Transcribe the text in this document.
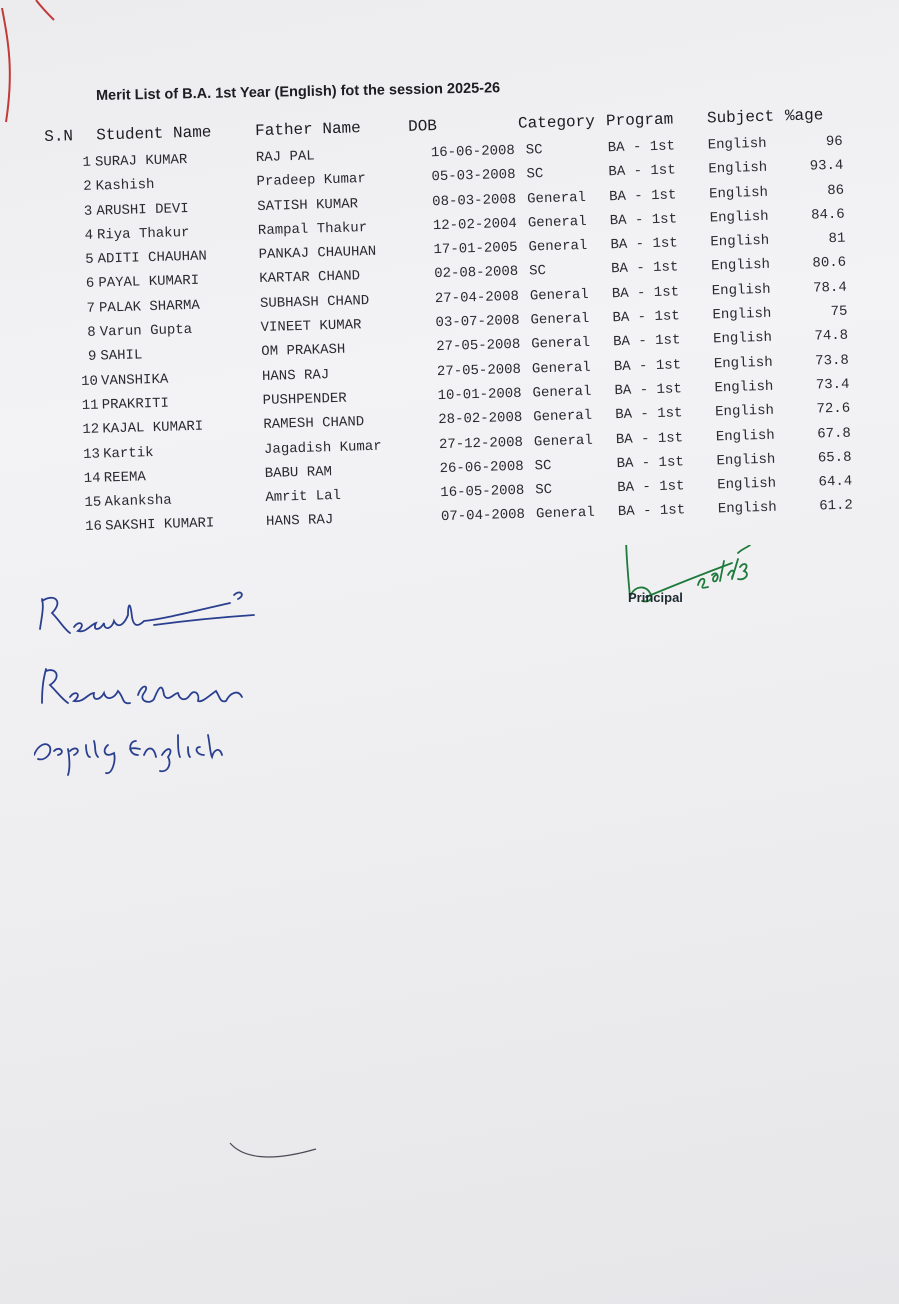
Merit List of B.A. 1st Year (English) fot the session 2025-26
S.N Student Name	Father Name	DOB	Category Program Subject %age
1 SURAJ KUMAR	RAJ PAL	16-06-2008 SC	BA - 1st English	96
2 Kashish	Pradeep Kumar	05-03-2008 SC	BA - 1st English	93.4
3 ARUSHI DEVI	SATISH KUMAR	08-03-2008 General BA - 1st English	86
4 Riya Thakur	Rampal Thakur	12-02-2004 General BA - 1st English	84.6
5 ADITI CHAUHAN	PANKAJ CHAUHAN	17-01-2005 General BA - 1st English	81
6 PAYAL KUMARI	KARTAR CHAND	02-08-2008 SC	BA - 1st English	80.6
7 PALAK SHARMA	SUBHASH CHAND	27-04-2008 General BA - 1st English	78.4
8 Varun Gupta	VINEET KUMAR	03-07-2008 General BA - 1st English	75
9 SAHIL	OM PRAKASH	27-05-2008 General BA - 1st English	74.8
10 VANSHIKA	HANS RAJ	27-05-2008 General BA - 1st English	73.8
11 PRAKRITI	PUSHPENDER	10-01-2008 General BA - 1st English	73.4
12 KAJAL KUMARI	RAMESH CHAND	28-02-2008 General BA - 1st English	72.6
13 Kartik	Jagadish Kumar	27-12-2008 General BA - 1st English	67.8
14 REEMA	BABU RAM	26-06-2008 SC	BA - 1st English	65.8
15 Akanksha	Amrit Lal	16-05-2008 SC	BA - 1st English	64.4
16 SAKSHI KUMARI	HANS RAJ	07-04-2008 General BA - 1st English	61.2
Principal
